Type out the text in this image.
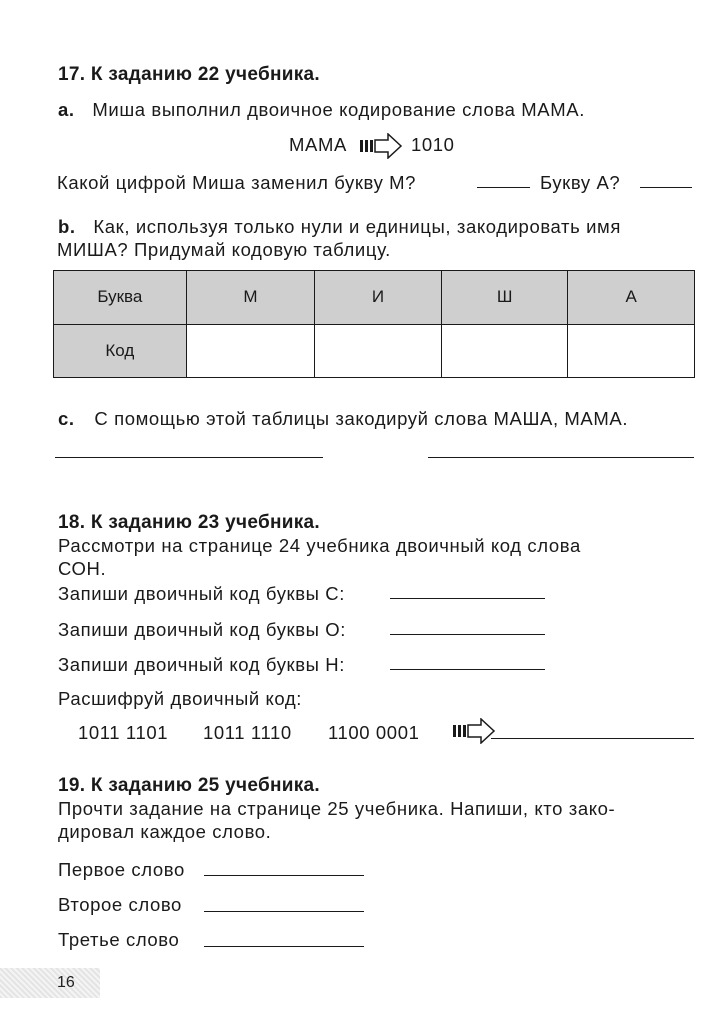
17. К заданию 22 учебника.
a. Миша выполнил двоичное кодирование слова МАМА.
МАМА	1010
Какой цифрой Миша заменил букву М?	Букву А?
b. Как, используя только нули и единицы, закодировать имя
МИША? Придумай кодовую таблицу.
Буква	М	И	Ш	А
Код				
c. С помощью этой таблицы закодируй слова МАША, МАМА.
18. К заданию 23 учебника.
Рассмотри на странице 24 учебника двоичный код слова
СОН.
Запиши двоичный код буквы С:
Запиши двоичный код буквы О:
Запиши двоичный код буквы Н:
Расшифруй двоичный код:
1011 1101 1011 1110 1100 0001
19. К заданию 25 учебника.
Прочти задание на странице 25 учебника. Напиши, кто зако-
дировал каждое слово.
Первое слово
Второе слово
Третье слово
16
